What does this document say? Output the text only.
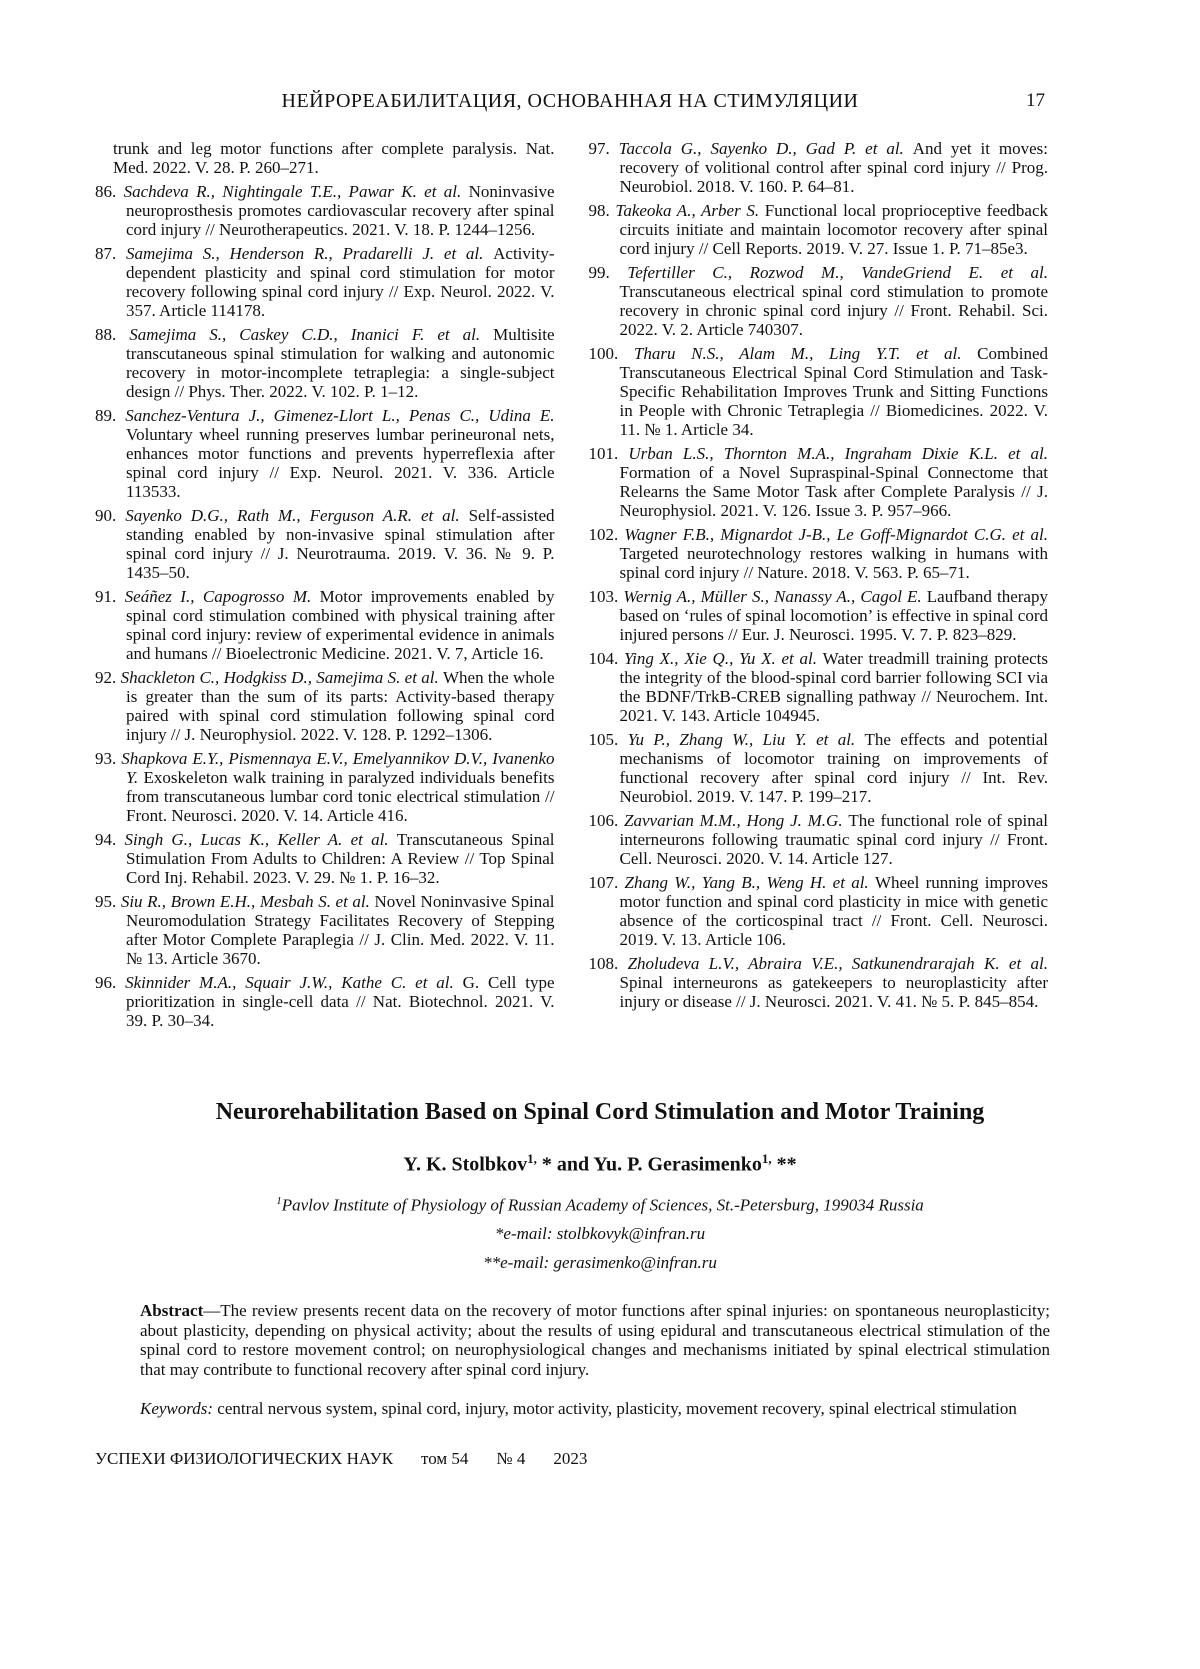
НЕЙРОРЕАБИЛИТАЦИЯ, ОСНОВАННАЯ НА СТИМУЛЯЦИИ	17
trunk and leg motor functions after complete paralysis. Nat. Med. 2022. V. 28. P. 260–271.
86. Sachdeva R., Nightingale T.E., Pawar K. et al. Noninvasive neuroprosthesis promotes cardiovascular recovery after spinal cord injury // Neurotherapeutics. 2021. V. 18. P. 1244–1256.
87. Samejima S., Henderson R., Pradarelli J. et al. Activity-dependent plasticity and spinal cord stimulation for motor recovery following spinal cord injury // Exp. Neurol. 2022. V. 357. Article 114178.
88. Samejima S., Caskey C.D., Inanici F. et al. Multisite transcutaneous spinal stimulation for walking and autonomic recovery in motor-incomplete tetraplegia: a single-subject design // Phys. Ther. 2022. V. 102. P. 1–12.
89. Sanchez-Ventura J., Gimenez-Llort L., Penas C., Udina E. Voluntary wheel running preserves lumbar perineuronal nets, enhances motor functions and prevents hyperreflexia after spinal cord injury // Exp. Neurol. 2021. V. 336. Article 113533.
90. Sayenko D.G., Rath M., Ferguson A.R. et al. Self-assisted standing enabled by non-invasive spinal stimulation after spinal cord injury // J. Neurotrauma. 2019. V. 36. № 9. P. 1435–50.
91. Seáñez I., Capogrosso M. Motor improvements enabled by spinal cord stimulation combined with physical training after spinal cord injury: review of experimental evidence in animals and humans // Bioelectronic Medicine. 2021. V. 7, Article 16.
92. Shackleton C., Hodgkiss D., Samejima S. et al. When the whole is greater than the sum of its parts: Activity-based therapy paired with spinal cord stimulation following spinal cord injury // J. Neurophysiol. 2022. V. 128. P. 1292–1306.
93. Shapkova E.Y., Pismennaya E.V., Emelyannikov D.V., Ivanenko Y. Exoskeleton walk training in paralyzed individuals benefits from transcutaneous lumbar cord tonic electrical stimulation // Front. Neurosci. 2020. V. 14. Article 416.
94. Singh G., Lucas K., Keller A. et al. Transcutaneous Spinal Stimulation From Adults to Children: A Review // Top Spinal Cord Inj. Rehabil. 2023. V. 29. № 1. P. 16–32.
95. Siu R., Brown E.H., Mesbah S. et al. Novel Noninvasive Spinal Neuromodulation Strategy Facilitates Recovery of Stepping after Motor Complete Paraplegia // J. Clin. Med. 2022. V. 11. № 13. Article 3670.
96. Skinnider M.A., Squair J.W., Kathe C. et al. G. Cell type prioritization in single-cell data // Nat. Biotechnol. 2021. V. 39. P. 30–34.
97. Taccola G., Sayenko D., Gad P. et al. And yet it moves: recovery of volitional control after spinal cord injury // Prog. Neurobiol. 2018. V. 160. P. 64–81.
98. Takeoka A., Arber S. Functional local proprioceptive feedback circuits initiate and maintain locomotor recovery after spinal cord injury // Cell Reports. 2019. V. 27. Issue 1. P. 71–85e3.
99. Tefertiller C., Rozwod M., VandeGriend E. et al. Transcutaneous electrical spinal cord stimulation to promote recovery in chronic spinal cord injury // Front. Rehabil. Sci. 2022. V. 2. Article 740307.
100. Tharu N.S., Alam M., Ling Y.T. et al. Combined Transcutaneous Electrical Spinal Cord Stimulation and Task-Specific Rehabilitation Improves Trunk and Sitting Functions in People with Chronic Tetraplegia // Biomedicines. 2022. V. 11. № 1. Article 34.
101. Urban L.S., Thornton M.A., Ingraham Dixie K.L. et al. Formation of a Novel Supraspinal-Spinal Connectome that Relearns the Same Motor Task after Complete Paralysis // J. Neurophysiol. 2021. V. 126. Issue 3. P. 957–966.
102. Wagner F.B., Mignardot J-B., Le Goff-Mignardot C.G. et al. Targeted neurotechnology restores walking in humans with spinal cord injury // Nature. 2018. V. 563. P. 65–71.
103. Wernig A., Müller S., Nanassy A., Cagol E. Laufband therapy based on ‘rules of spinal locomotion’ is effective in spinal cord injured persons // Eur. J. Neurosci. 1995. V. 7. P. 823–829.
104. Ying X., Xie Q., Yu X. et al. Water treadmill training protects the integrity of the blood-spinal cord barrier following SCI via the BDNF/TrkB-CREB signalling pathway // Neurochem. Int. 2021. V. 143. Article 104945.
105. Yu P., Zhang W., Liu Y. et al. The effects and potential mechanisms of locomotor training on improvements of functional recovery after spinal cord injury // Int. Rev. Neurobiol. 2019. V. 147. P. 199–217.
106. Zavvarian M.M., Hong J. M.G. The functional role of spinal interneurons following traumatic spinal cord injury // Front. Cell. Neurosci. 2020. V. 14. Article 127.
107. Zhang W., Yang B., Weng H. et al. Wheel running improves motor function and spinal cord plasticity in mice with genetic absence of the corticospinal tract // Front. Cell. Neurosci. 2019. V. 13. Article 106.
108. Zholudeva L.V., Abraira V.E., Satkunendrarajah K. et al. Spinal interneurons as gatekeepers to neuroplasticity after injury or disease // J. Neurosci. 2021. V. 41. № 5. P. 845–854.
Neurorehabilitation Based on Spinal Cord Stimulation and Motor Training
Y. K. Stolbkov$^{1,}$ * and Yu. P. Gerasimenko$^{1,}$ **
$^1$Pavlov Institute of Physiology of Russian Academy of Sciences, St.-Petersburg, 199034 Russia
*e-mail: stolbkovyk@infran.ru
**e-mail: gerasimenko@infran.ru
Abstract—The review presents recent data on the recovery of motor functions after spinal injuries: on spontaneous neuroplasticity; about plasticity, depending on physical activity; about the results of using epidural and transcutaneous electrical stimulation of the spinal cord to restore movement control; on neurophysiological changes and mechanisms initiated by spinal electrical stimulation that may contribute to functional recovery after spinal cord injury.
Keywords: central nervous system, spinal cord, injury, motor activity, plasticity, movement recovery, spinal electrical stimulation
УСПЕХИ ФИЗИОЛОГИЧЕСКИХ НАУК том 54 № 4 2023
